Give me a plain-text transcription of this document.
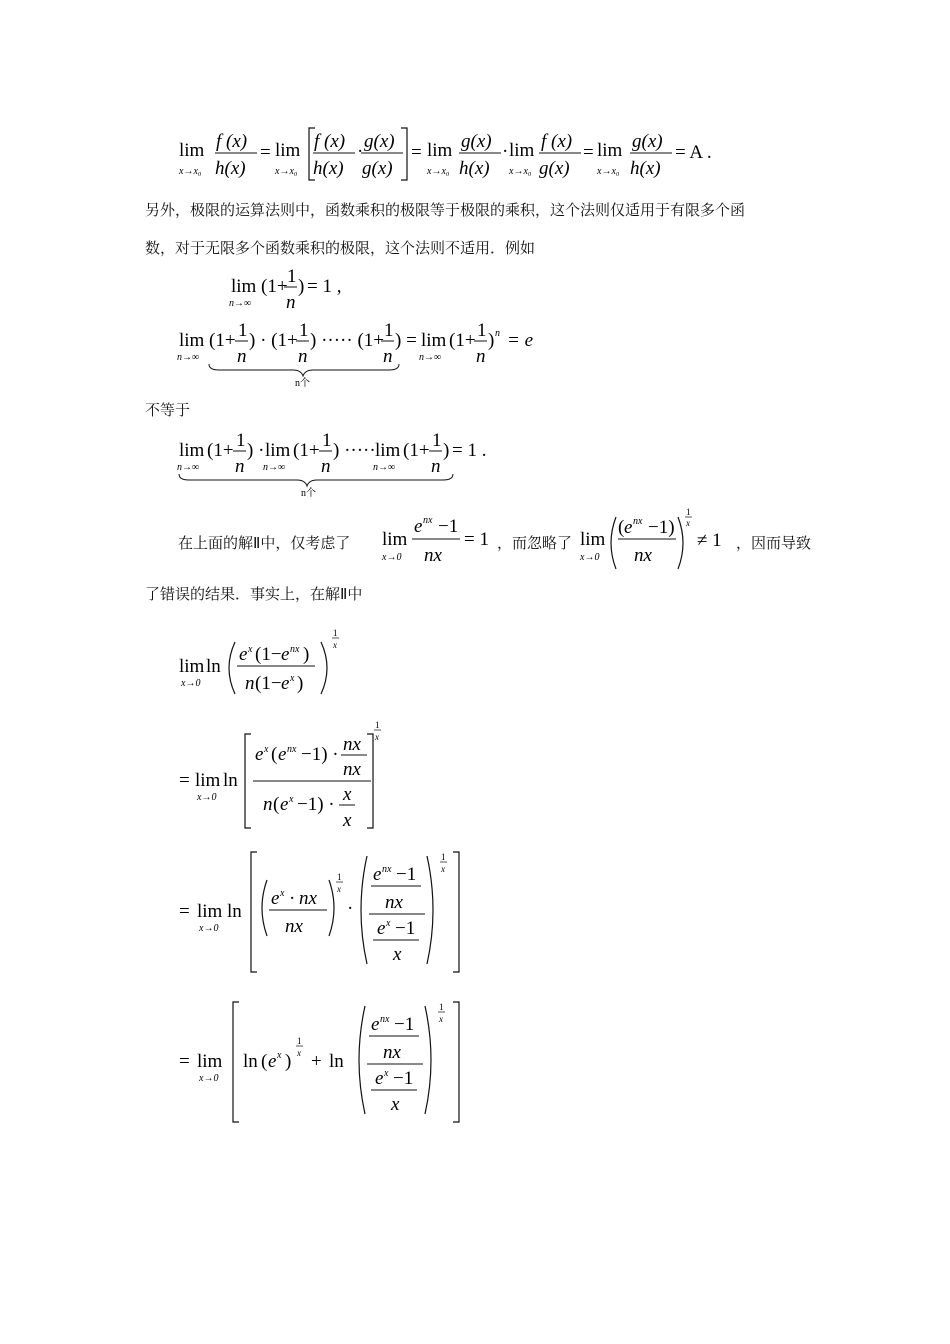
lim
x→x₀
f (x)
h(x)
= lim
x→x₀
f (x)
h(x)
· g(x)
g(x)
= lim
x→x₀
g(x)
h(x)
· lim
x→x₀
f (x)
g(x)
= lim
x→x₀
g(x)
h(x)
= A .
另外，极限的运算法则中，函数乘积的极限等于极限的乘积，这个法则仅适用于有限多个函
数，对于无限多个函数乘积的极限，这个法则不适用．例如
lim
n→∞
(1+ 1
n
) = 1 ,
lim
n→∞
(1+ 1
n
) · (1+ 1
n
) ····· (1+ 1
n
) = lim
n→∞
(1+ 1
n
) n = e
n个
不等于
lim
n→∞
(1+ 1
n
) · lim
n→∞
(1+ 1
n
) ····· lim
n→∞
(1+ 1
n
) = 1 .
n个
在上面的解Ⅱ中，仅考虑了 lim
x→0
e nx −1
nx
= 1 ，而忽略了 lim
x→0
( e nx −1)
nx
1
x
≠ 1 ，因而导致
了错误的结果．事实上，在解Ⅱ中
lim ln
x→0
e x (1− e nx )
n (1− e x )
1
x
= lim ln
x→0
e x ( e nx −1) · nx
nx
n ( e x −1) · x
x
1
x
= lim ln
x→0
e x · nx
nx
1
x
·
e nx −1
nx
e x −1
x
1
x
= lim
x→0
ln ( e x )
1
x + ln
e nx −1
nx
e x −1
x
1
x
